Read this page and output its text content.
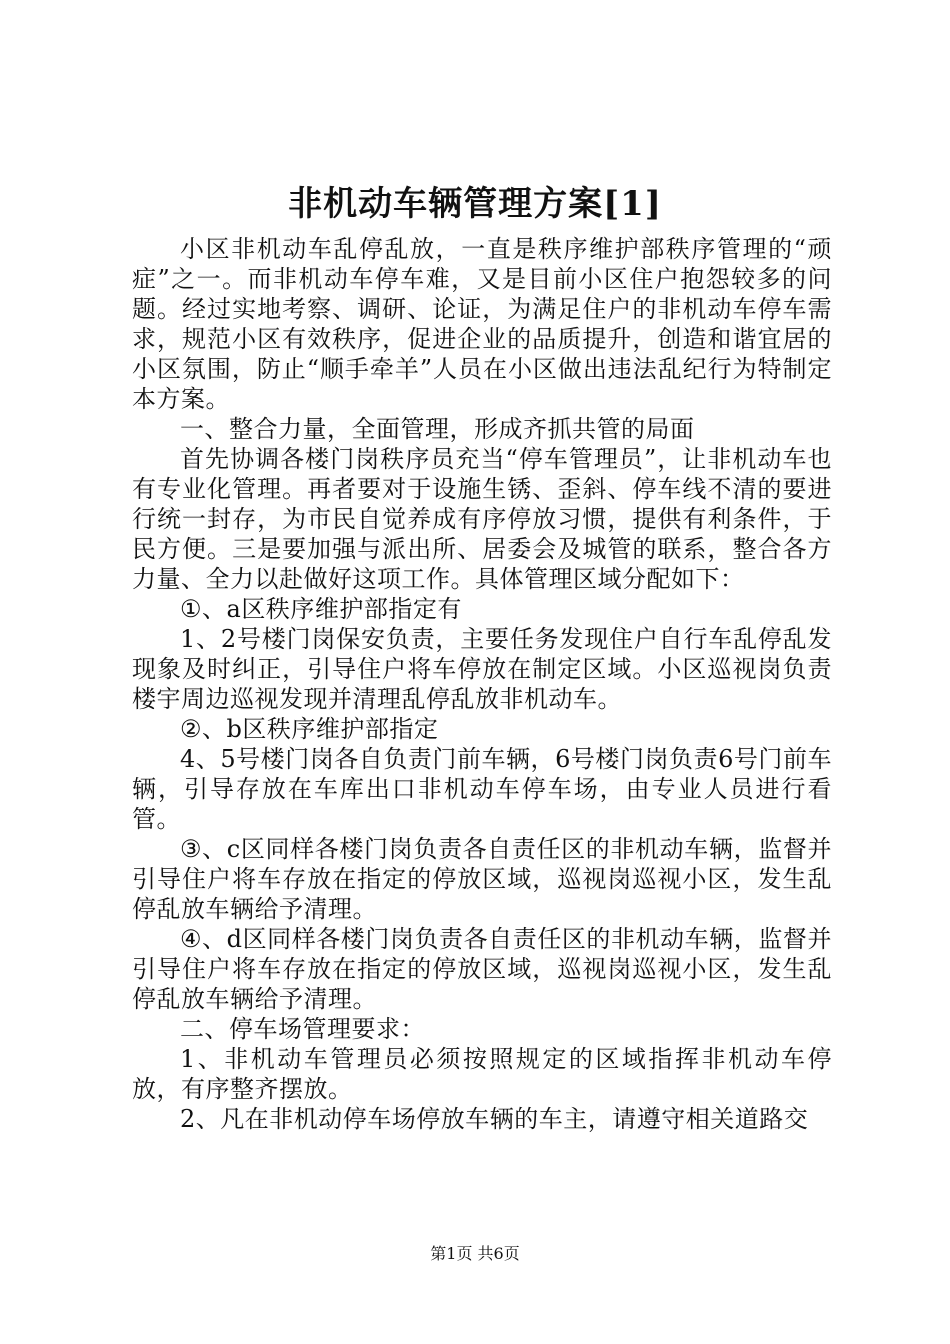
非机动车辆管理方案[1]

小区非机动车乱停乱放，一直是秩序维护部秩序管理的“顽症”之一。而非机动车停车难，又是目前小区住户抱怨较多的问题。经过实地考察、调研、论证，为满足住户的非机动车停车需求，规范小区有效秩序，促进企业的品质提升，创造和谐宜居的小区氛围，防止“顺手牵羊”人员在小区做出违法乱纪行为特制定本方案。

一、整合力量，全面管理，形成齐抓共管的局面

首先协调各楼门岗秩序员充当“停车管理员”，让非机动车也有专业化管理。再者要对于设施生锈、歪斜、停车线不清的要进行统一封存，为市民自觉养成有序停放习惯，提供有利条件，于民方便。三是要加强与派出所、居委会及城管的联系，整合各方力量、全力以赴做好这项工作。具体管理区域分配如下：

①、a区秩序维护部指定有

1、2号楼门岗保安负责，主要任务发现住户自行车乱停乱发现象及时纠正，引导住户将车停放在制定区域。小区巡视岗负责楼宇周边巡视发现并清理乱停乱放非机动车。

②、b区秩序维护部指定

4、5号楼门岗各自负责门前车辆，6号楼门岗负责6号门前车辆，引导存放在车库出口非机动车停车场，由专业人员进行看管。

③、c区同样各楼门岗负责各自责任区的非机动车辆，监督并引导住户将车存放在指定的停放区域，巡视岗巡视小区，发生乱停乱放车辆给予清理。

④、d区同样各楼门岗负责各自责任区的非机动车辆，监督并引导住户将车存放在指定的停放区域，巡视岗巡视小区，发生乱停乱放车辆给予清理。

二、停车场管理要求：

1、非机动车管理员必须按照规定的区域指挥非机动车停放，有序整齐摆放。

2、凡在非机动停车场停放车辆的车主，请遵守相关道路交

第1页 共6页
